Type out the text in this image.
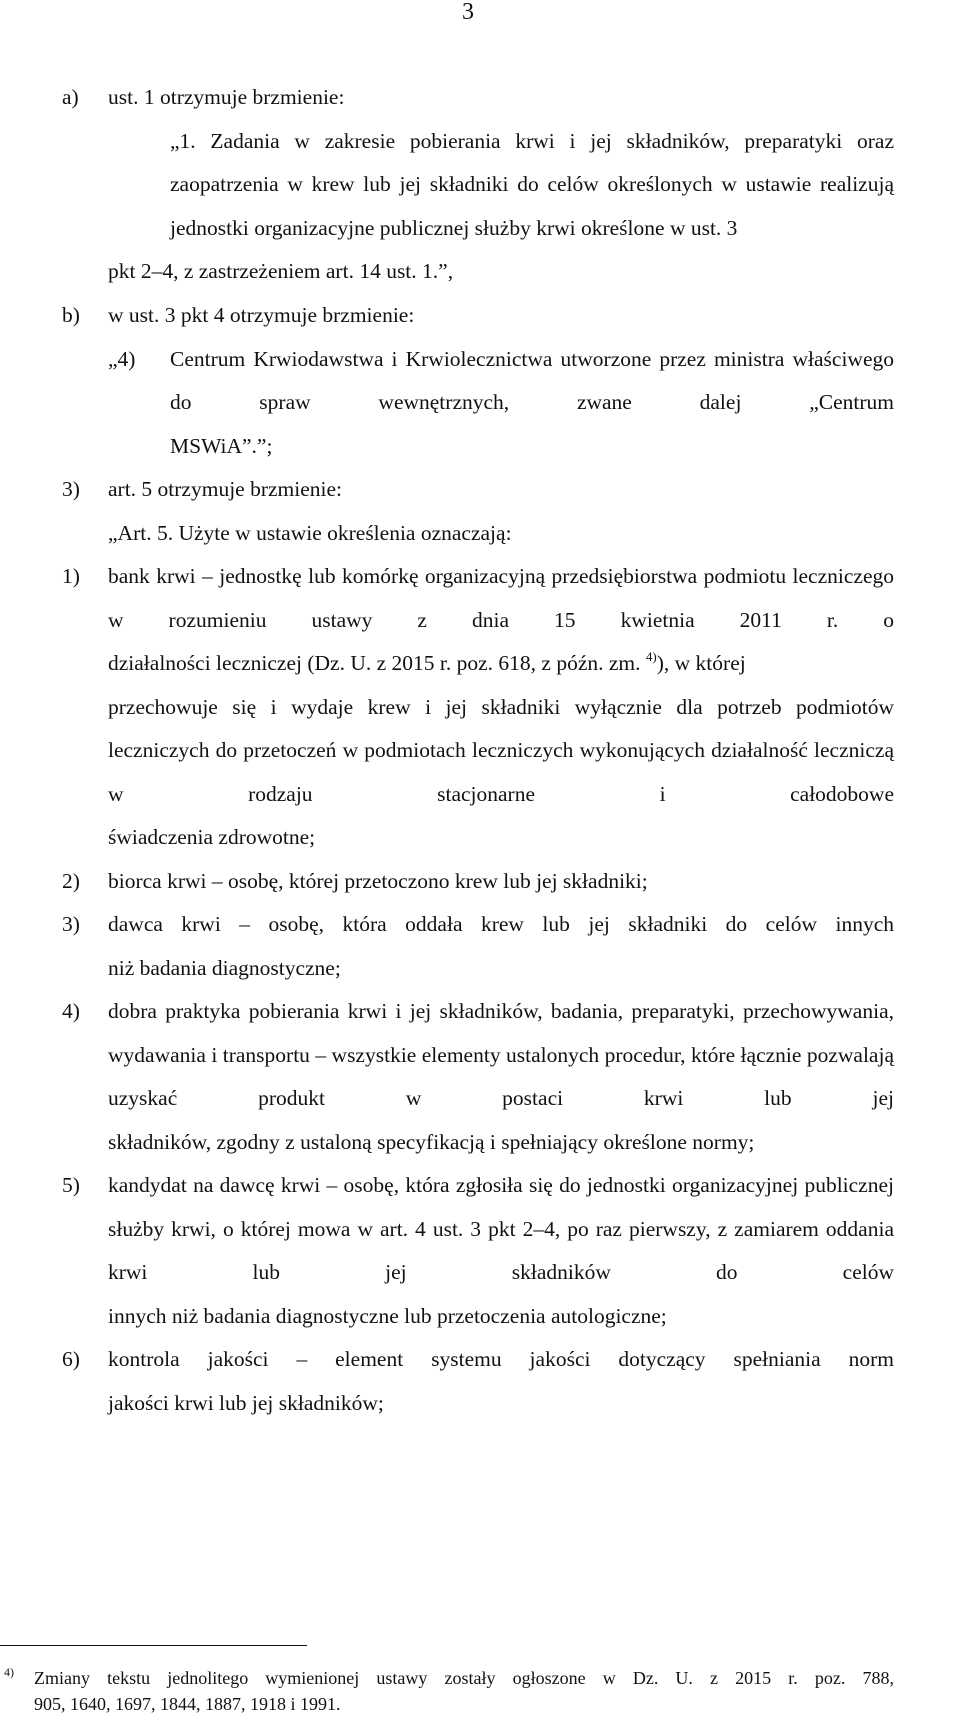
3
a) ust. 1 otrzymuje brzmienie:
„1. Zadania w zakresie pobierania krwi i jej składników, preparatyki oraz zaopatrzenia w krew lub jej składniki do celów określonych w ustawie realizują jednostki organizacyjne publicznej służby krwi określone w ust. 3
pkt 2–4, z zastrzeżeniem art. 14 ust. 1.”,
b) w ust. 3 pkt 4 otrzymuje brzmienie:
„4) Centrum Krwiodawstwa i Krwiolecznictwa utworzone przez ministra właściwego do spraw wewnętrznych, zwane dalej „Centrum
MSWiA”.”;
3) art. 5 otrzymuje brzmienie:
„Art. 5. Użyte w ustawie określenia oznaczają:
1) bank krwi – jednostkę lub komórkę organizacyjną przedsiębiorstwa podmiotu leczniczego w rozumieniu ustawy z dnia 15 kwietnia 2011 r. o
działalności leczniczej (Dz. U. z 2015 r. poz. 618, z późn. zm. $^{4)}$), w której
przechowuje się i wydaje krew i jej składniki wyłącznie dla potrzeb podmiotów leczniczych do przetoczeń w podmiotach leczniczych wykonujących działalność leczniczą w rodzaju stacjonarne i całodobowe
świadczenia zdrowotne;
2) biorca krwi – osobę, której przetoczono krew lub jej składniki;
3) dawca krwi – osobę, która oddała krew lub jej składniki do celów innych
niż badania diagnostyczne;
4) dobra praktyka pobierania krwi i jej składników, badania, preparatyki, przechowywania, wydawania i transportu – wszystkie elementy ustalonych procedur, które łącznie pozwalają uzyskać produkt w postaci krwi lub jej
składników, zgodny z ustaloną specyfikacją i spełniający określone normy;
5) kandydat na dawcę krwi – osobę, która zgłosiła się do jednostki organizacyjnej publicznej służby krwi, o której mowa w art. 4 ust. 3 pkt 2–4, po raz pierwszy, z zamiarem oddania krwi lub jej składników do celów
innych niż badania diagnostyczne lub przetoczenia autologiczne;
6) kontrola jakości – element systemu jakości dotyczący spełniania norm
jakości krwi lub jej składników;
4) Zmiany tekstu jednolitego wymienionej ustawy zostały ogłoszone w Dz. U. z 2015 r. poz. 788,
905, 1640, 1697, 1844, 1887, 1918 i 1991.
